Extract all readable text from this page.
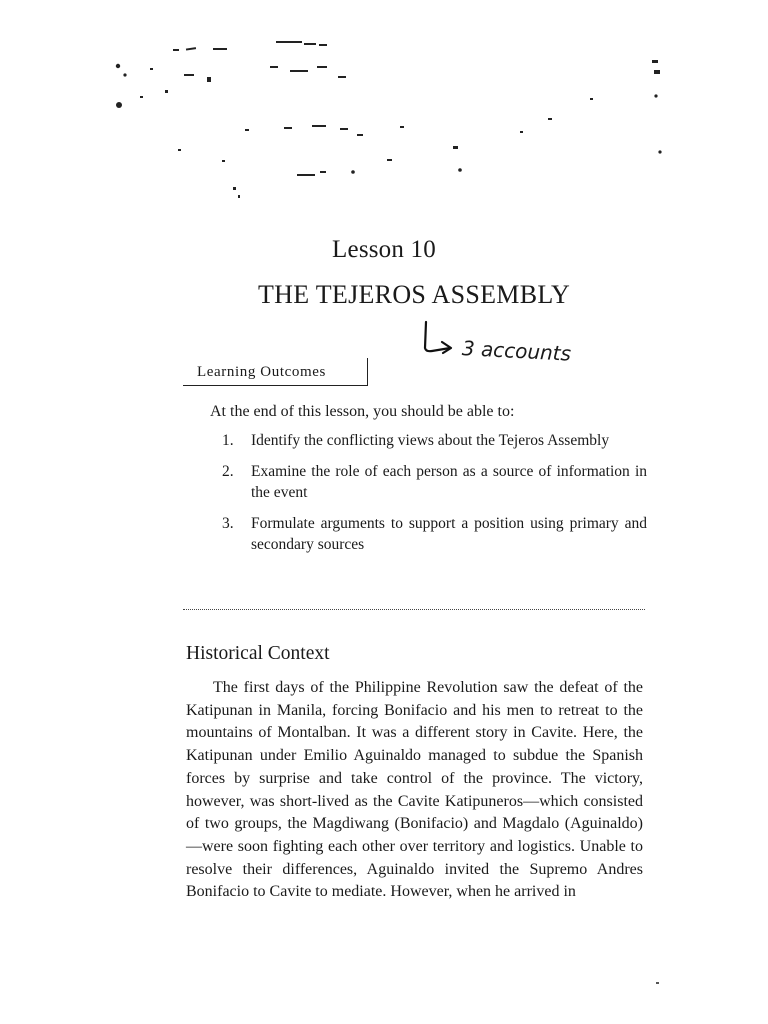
Lesson 10
THE TEJEROS ASSEMBLY
3 accounts
Learning Outcomes
At the end of this lesson, you should be able to:
1. Identify the conflicting views about the Tejeros Assembly
2. Examine the role of each person as a source of information in the event
3. Formulate arguments to support a position using primary and secondary sources
Historical Context

The first days of the Philippine Revolution saw the defeat of the Katipunan in Manila, forcing Bonifacio and his men to retreat to the mountains of Montalban. It was a different story in Cavite. Here, the Katipunan under Emilio Aguinaldo managed to subdue the Spanish forces by surprise and take control of the province. The victory, however, was short-lived as the Cavite Katipuneros—which consisted of two groups, the Magdiwang (Bonifacio) and Magdalo (Aguinaldo)—were soon fighting each other over territory and logistics. Unable to resolve their differences, Aguinaldo invited the Supremo Andres Bonifacio to Cavite to mediate. However, when he arrived in
